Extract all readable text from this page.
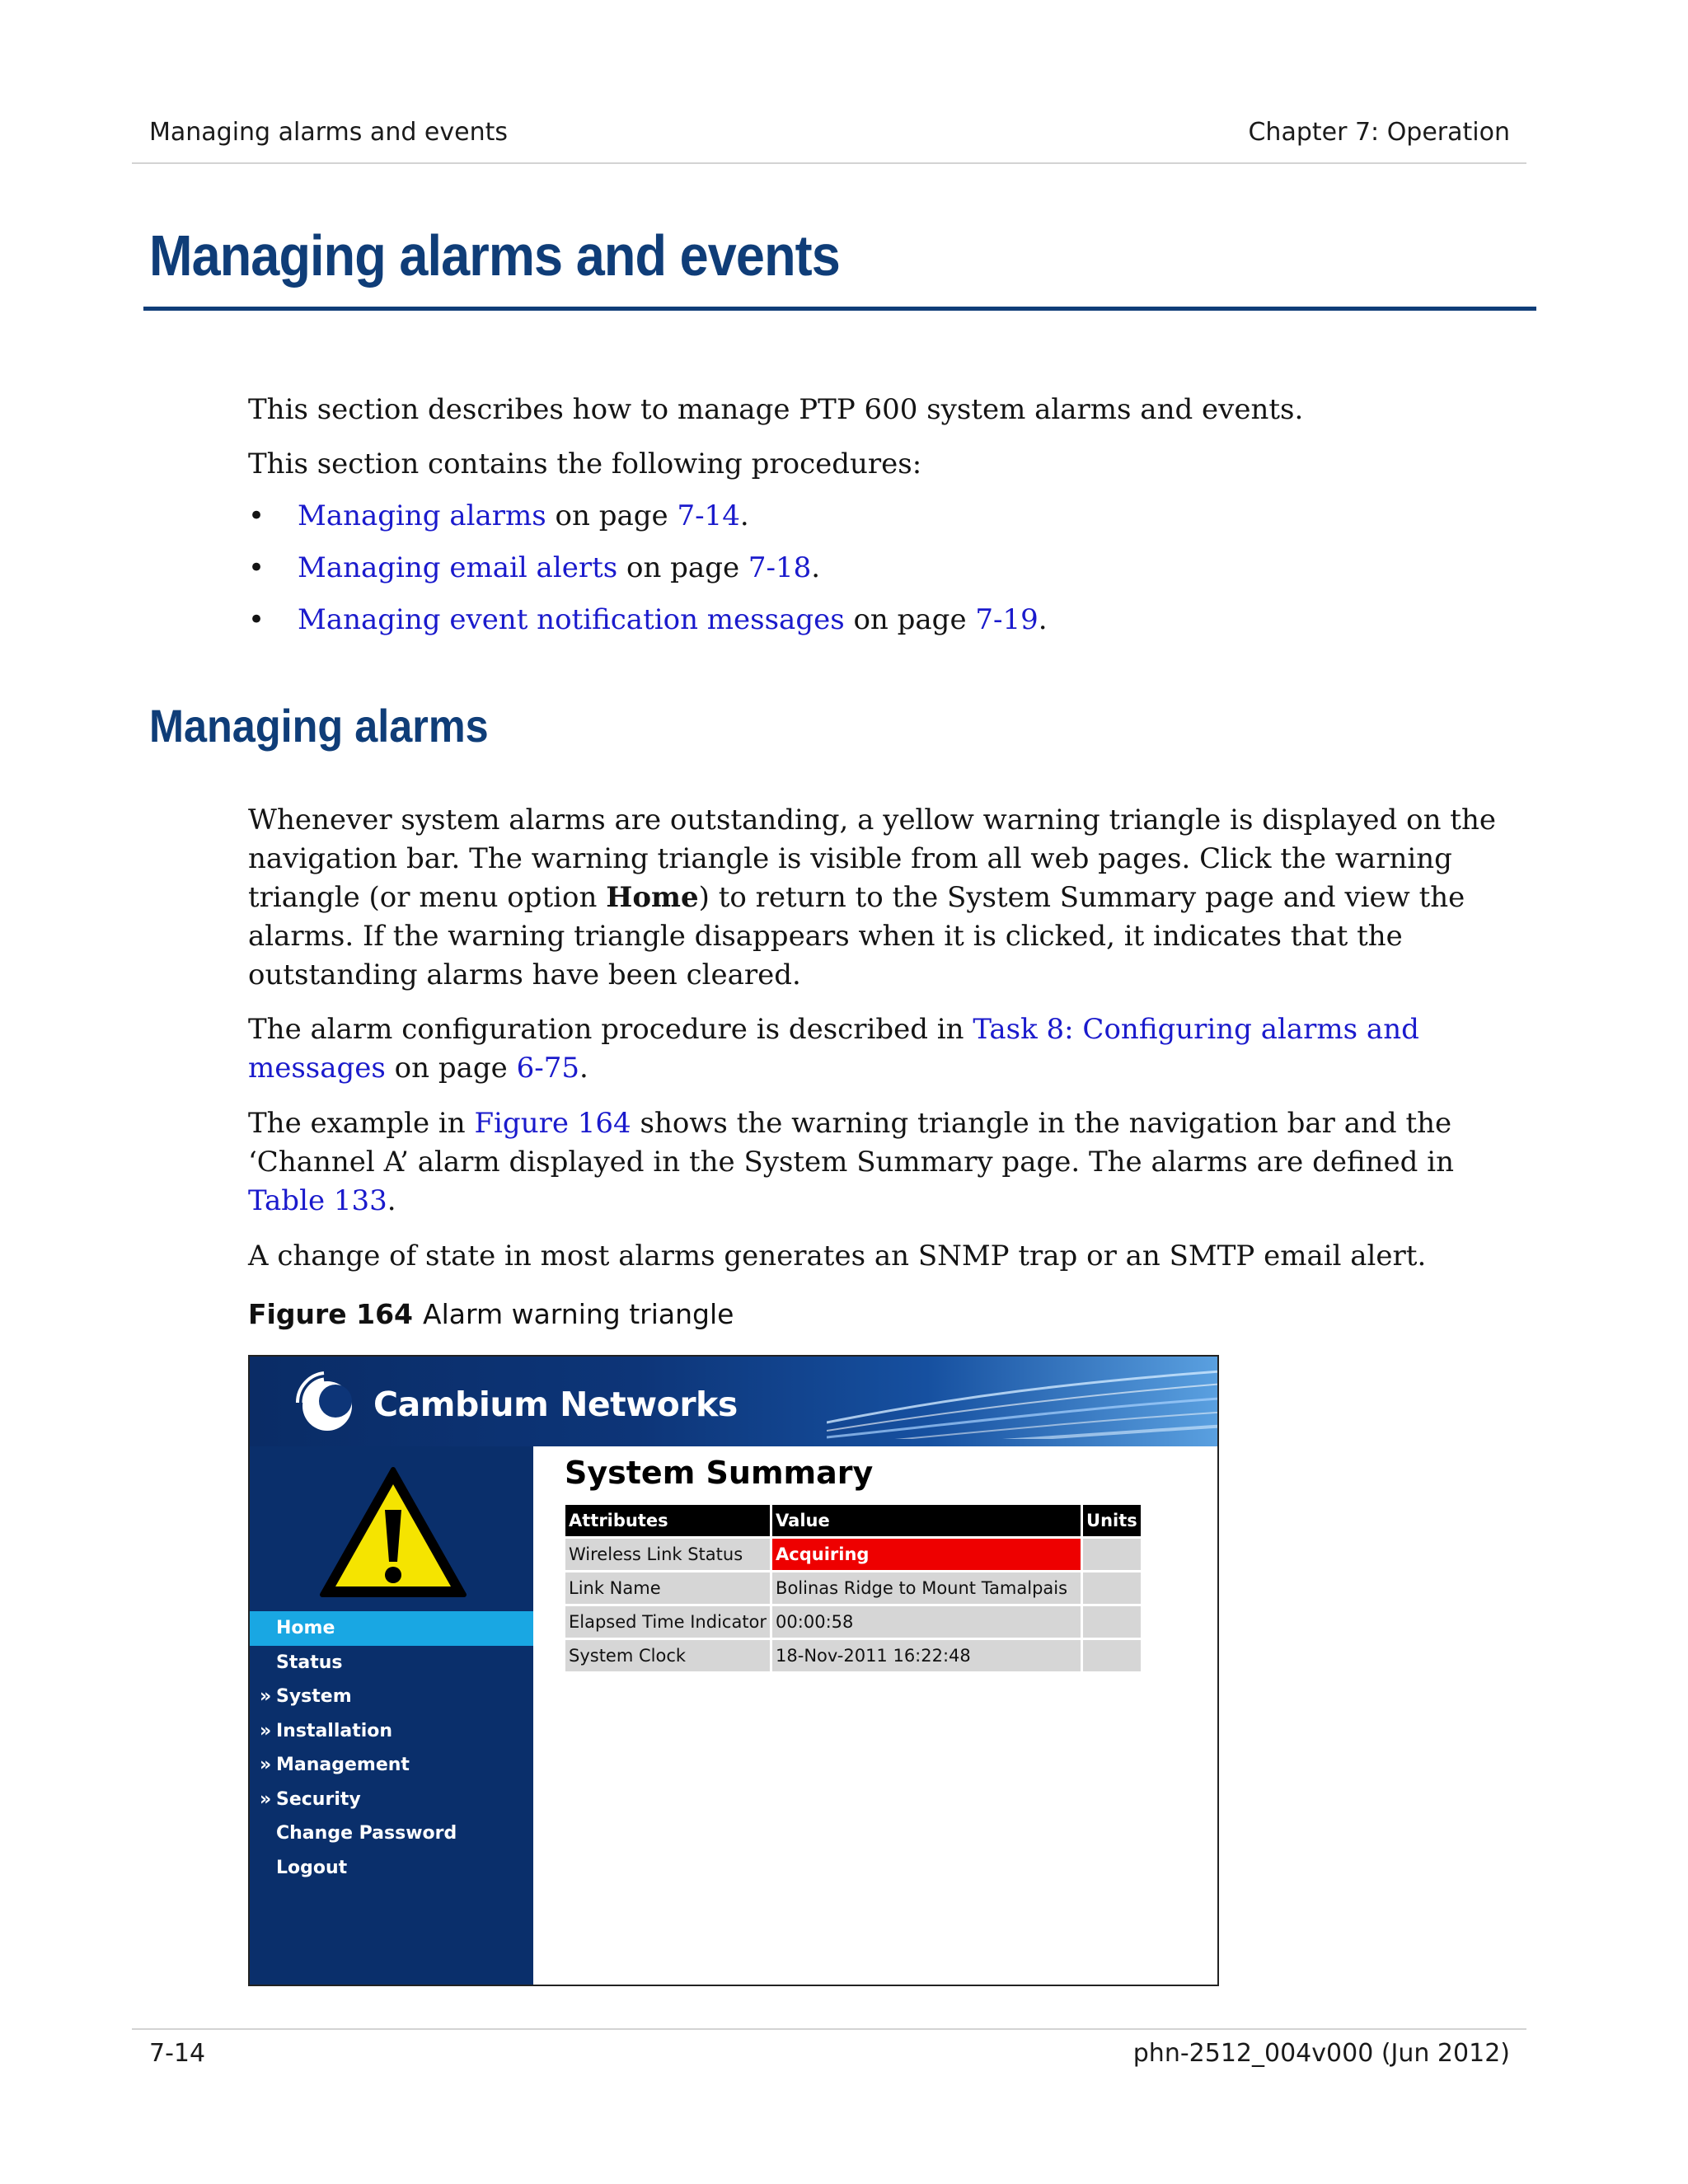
Managing alarms and events	Chapter 7: Operation
Managing alarms and events
This section describes how to manage PTP 600 system alarms and events.
This section contains the following procedures:
• Managing alarms on page 7-14.
• Managing email alerts on page 7-18.
• Managing event notification messages on page 7-19.
Managing alarms
Whenever system alarms are outstanding, a yellow warning triangle is displayed on the navigation bar. The warning triangle is visible from all web pages. Click the warning triangle (or menu option Home) to return to the System Summary page and view the alarms. If the warning triangle disappears when it is clicked, it indicates that the outstanding alarms have been cleared.
The alarm configuration procedure is described in Task 8: Configuring alarms and messages on page 6-75.
The example in Figure 164 shows the warning triangle in the navigation bar and the ‘Channel A’ alarm displayed in the System Summary page. The alarms are defined in Table 133.
A change of state in most alarms generates an SNMP trap or an SMTP email alert.
Figure 164 Alarm warning triangle
Cambium Networks
Home
Status
» System
» Installation
» Management
» Security
Change Password
Logout
System Summary
Attributes	Value	Units
Wireless Link Status	Acquiring	
Link Name	Bolinas Ridge to Mount Tamalpais	
Elapsed Time Indicator	00:00:58	
System Clock	18-Nov-2011 16:22:48	
7-14	phn-2512_004v000 (Jun 2012)
